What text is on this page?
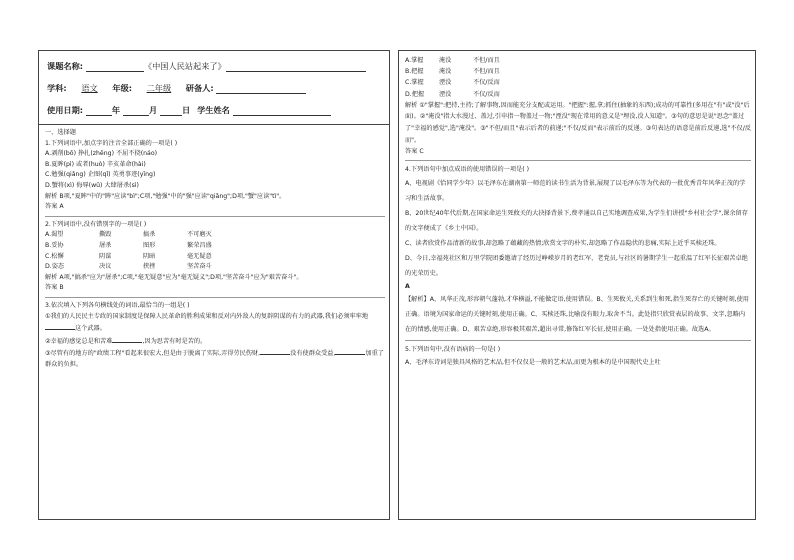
课题名称:	《中国人民站起来了》
学科: 语文 年级: 二年级 研备人:
使用日期:	年	月	日 学生姓名
一、选择题
1.下列词语中,加点字的注音全部正确的一项是( )
A.剥削(bō) 挣扎(zhēng) 不屈不挠(náo)
B.夏眸(pì) 或者(huò) 辛亥革命(hài)
C.勉强(qiǎng) 企图(qǐ) 英勇事迹(yīng)
D.蟹将(xì) 侮辱(wǔ) 大肆屠杀(sì)
解析 B项,"夏眸"中的"眸"应读"bì";C项,"勉强"中的"强"应读"qiǎng";D项,"蟹"应读"tì"。
答案 A
2.下列词语中,没有错别字的一项是( )
A.渴望	撕毁	搞杀	不可磨灭
B.妥协	屠杀	图形	繁荣昌盛
C.松懈	阴谋	阴暗	毫无疑意
D.姿态	决议	挟挫	坚苦奋斗
解析 A项,"搞杀"应为"屠杀";C项,"毫无疑意"应为"毫无疑义";D项,"坚苦奋斗"应为"艰苦奋斗"。
答案 B
3.依次填入下列各句横线处的词语,最恰当的一组是( )
①我们的人民民主专政的国家制度是保障人民革命的胜利成果和反对内外敌人的复辟阴谋的有力的武器,我们必须牢牢地这个武器。
②幸福的感觉总是和苦难	,因为思苦有时是苦的。
③尽管有的地方的"政绩工程"看起来很宏大,但是由于脱离了实际,弄得劳民伤财,	没有使群众受益,	加重了群众的负担。
A.掌握	淹没	不但/而且
B.把握 淹没	不但/而且
C.掌握 湮没	不仅/反而
D.把握 湮没	不仅/反而
解析 ①"掌握":把持,主持;了解事物,因而能充分支配或运用。"把握":握,拿;抓住(抽象的东西);成功的可靠性(多用在"有"或"没"后面)。②"淹没"指大水漫过、盖过,引申指一物盖过一物;"湮没"现在常用的意义是"埋没,没人知道"。③句的意思是说"思念"盖过了"幸福的感觉",选"淹没"。③"不但/而且"表示后者的前递;"不仅/反而"表示前后的反递。③句表达的语意是前后反递,选"不仅/反而"。
答案 C
4.下列语句中加点成语的使用错误的一项是( )
A、电视剧《恰同学少年》以毛泽东在湖南第一师范的读书生活为背景,展现了以毛泽东等为代表的一批优秀青年风华正茂的学习和生活故事。
B、20世纪40年代后期,在国家命运生死攸关的大抉择背景下,费孝通以自己实地调查成果,为学生们讲授"乡村社会学",课余留存的文字便成了《乡土中国》。
C、读者欣赏作品清新的故事,却忽略了蕴藏的热情;欣赏文字的朴实,却忽略了作品隐伏的悲痛,实际上近乎买椟还珠。
D、今日,幸福苑社区和万里学院团委邀请了经历过峥嵘岁月的老红军、老党员,与社区的暑期学生一起重温了红军长征艰苦卓绝的光荣历史。
A
【解析】A、风华正茂,形容朝气蓬勃,才华横溢,不能做定语,使用错误。B、生死攸关,关系到生和死,指生死存亡的关键时刻,使用正确。语境为国家命运的关键时刻,使用正确。C、买椟还珠,比喻没有眼力,取舍不当。此处指只欣赏表层的故事、文字,忽略内在的情感,使用正确。D、艰苦卓绝,形容极其艰苦,超出寻常,修饰红军长征,使用正确。一处处指使用正确。故选A。
5.下列语句中,没有语病的一句是( )
A、毛泽东诗词是独具风格的艺术品,但不仅仅是一般的艺术品,而更为根本的是中国现代史上吐
